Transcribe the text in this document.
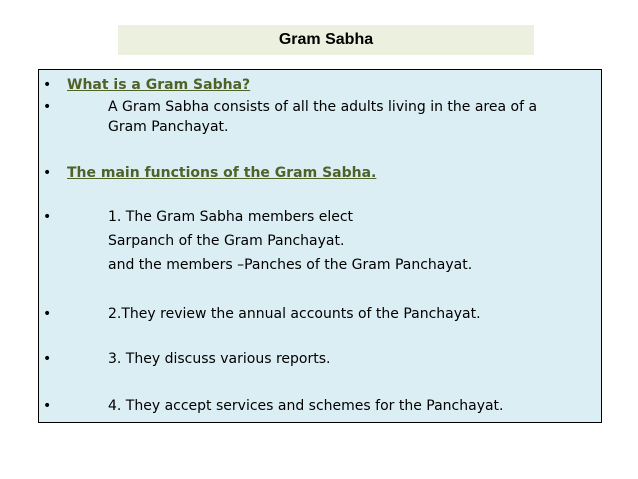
Gram Sabha
• What is a Gram Sabha?
•	A Gram Sabha consists of all the adults living in the area of a
Gram Panchayat.
• The main functions of the Gram Sabha.
•	1. The Gram Sabha members elect
Sarpanch of the Gram Panchayat.
and the members –Panches of the Gram Panchayat.
•	2.They review the annual accounts of the Panchayat.
•	3. They discuss various reports.
•	4. They accept services and schemes for the Panchayat.
